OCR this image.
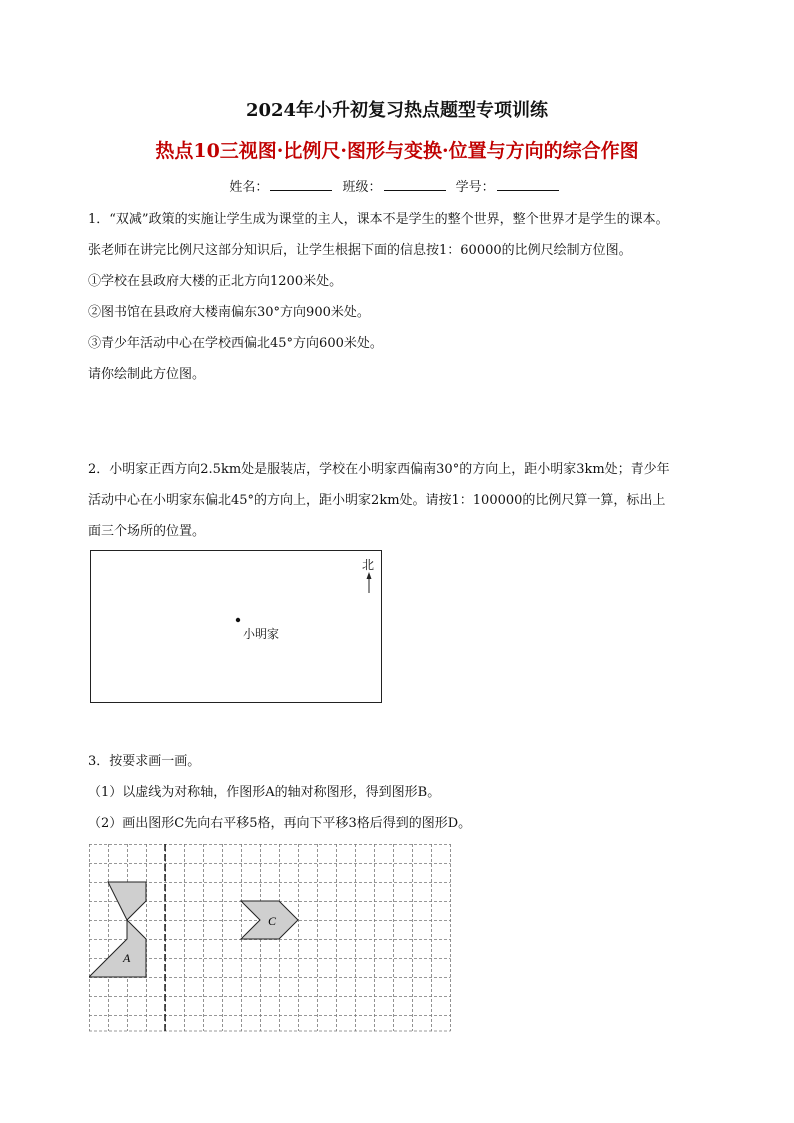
2024年小升初复习热点题型专项训练
热点10三视图·比例尺·图形与变换·位置与方向的综合作图
姓名：	班级：	学号：
1．“双减”政策的实施让学生成为课堂的主人，课本不是学生的整个世界，整个世界才是学生的课本。
张老师在讲完比例尺这部分知识后，让学生根据下面的信息按1：60000的比例尺绘制方位图。
①学校在县政府大楼的正北方向1200米处。
②图书馆在县政府大楼南偏东30°方向900米处。
③青少年活动中心在学校西偏北45°方向600米处。
请你绘制此方位图。
2．小明家正西方向2.5km处是服装店，学校在小明家西偏南30°的方向上，距小明家3km处；青少年
活动中心在小明家东偏北45°的方向上，距小明家2km处。请按1：100000的比例尺算一算，标出上
面三个场所的位置。
北
小明家
3．按要求画一画。
（1）以虚线为对称轴，作图形A的轴对称图形，得到图形B。
（2）画出图形C先向右平移5格，再向下平移3格后得到的图形D。
A
C
